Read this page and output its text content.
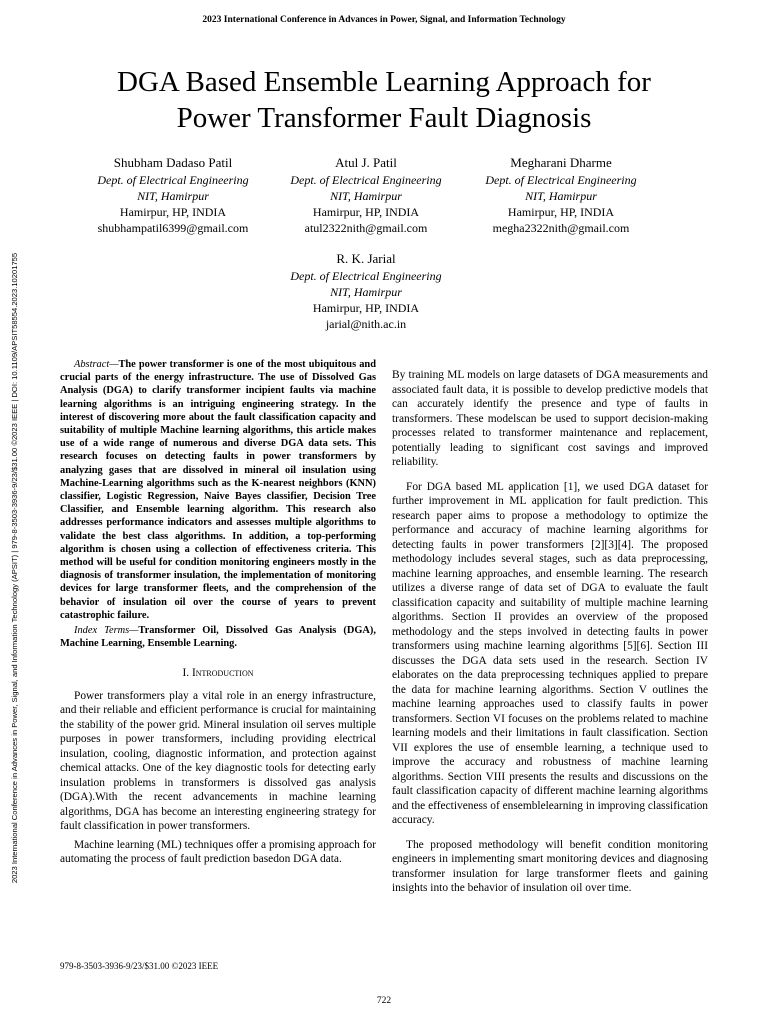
2023 International Conference in Advances in Power, Signal, and Information Technology
DGA Based Ensemble Learning Approach for
Power Transformer Fault Diagnosis
2023 International Conference in Advances in Power, Signal, and Information Technology (APSIT) | 979-8-3503-3936-9/23/$31.00 ©2023 IEEE | DOI: 10.1109/APSIT58554.2023.10201755
Shubham Dadaso Patil
Dept. of Electrical Engineering
NIT, Hamirpur
Hamirpur, HP, INDIA
shubhampatil6399@gmail.com
Atul J. Patil
Dept. of Electrical Engineering
NIT, Hamirpur
Hamirpur, HP, INDIA
atul2322nith@gmail.com
Megharani Dharme
Dept. of Electrical Engineering
NIT, Hamirpur
Hamirpur, HP, INDIA
megha2322nith@gmail.com
R. K. Jarial
Dept. of Electrical Engineering
NIT, Hamirpur
Hamirpur, HP, INDIA
jarial@nith.ac.in

Abstract—The power transformer is one of the most ubiquitous and crucial parts of the energy infrastructure. The use of Dissolved Gas Analysis (DGA) to clarify transformer incipient faults via machine learning algorithms is an intriguing engineering strategy. In the interest of discovering more about the fault classification capacity and suitability of multiple Machine learning algorithms, this article makes use of a wide range of numerous and diverse DGA data sets. This research focuses on detecting faults in power transformers by analyzing gases that are dissolved in mineral oil insulation using Machine-Learning algorithms such as the K-nearest neighbors (KNN) classifier, Logistic Regression, Naive Bayes classifier, Decision Tree Classifier, and Ensemble learning algorithm. This research also addresses performance indicators and assesses multiple algorithms to validate the best class algorithms. In addition, a top-performing algorithm is chosen using a collection of effectiveness criteria. This method will be useful for condition monitoring engineers mostly in the diagnosis of transformer insulation, the implementation of monitoring devices for large transformer fleets, and the comprehension of the behavior of insulation oil over the course of years to prevent catastrophic failure.

Index Terms—Transformer Oil, Dissolved Gas Analysis (DGA), Machine Learning, Ensemble Learning.

I. Introduction

Power transformers play a vital role in an energy infrastructure, and their reliable and efficient performance is crucial for maintaining the stability of the power grid. Mineral insulation oil serves multiple purposes in power transformers, including providing electrical insulation, cooling, diagnostic information, and protection against chemical attacks. One of the key diagnostic tools for detecting early insulation problems in transformers is dissolved gas analysis (DGA).With the recent advancements in machine learning algorithms, DGA has become an interesting engineering strategy for fault classification in power transformers.

Machine learning (ML) techniques offer a promising approach for automating the process of fault prediction basedon DGA data.

By training ML models on large datasets of DGA measurements and associated fault data, it is possible to develop predictive models that can accurately identify the presence and type of faults in transformers. These modelscan be used to support decision-making processes related to transformer maintenance and replacement, potentially leading to significant cost savings and improved reliability.

For DGA based ML application [1], we used DGA dataset for further improvement in ML application for fault prediction. This research paper aims to propose a methodology to optimize the performance and accuracy of machine learning algorithms for detecting faults in power transformers [2][3][4]. The proposed methodology includes several stages, such as data preprocessing, machine learning approaches, and ensemble learning. The research utilizes a diverse range of data set of DGA to evaluate the fault classification capacity and suitability of multiple machine learning algorithms. Section II provides an overview of the proposed methodology and the steps involved in detecting faults in power transformers using machine learning algorithms [5][6]. Section III discusses the DGA data sets used in the research. Section IV elaborates on the data preprocessing techniques applied to prepare the data for machine learning algorithms. Section V outlines the machine learning approaches used to classify faults in power transformers. Section VI focuses on the problems related to machine learning models and their limitations in fault classification. Section VII explores the use of ensemble learning, a technique used to improve the accuracy and robustness of machine learning algorithms. Section VIII presents the results and discussions on the fault classification capacity of different machine learning algorithms and the effectiveness of ensemblelearning in improving classification accuracy.

The proposed methodology will benefit condition monitoring engineers in implementing smart monitoring devices and diagnosing transformer insulation for large transformer fleets and gaining insights into the behavior of insulation oil over time.

979-8-3503-3936-9/23/$31.00 ©2023 IEEE
722
